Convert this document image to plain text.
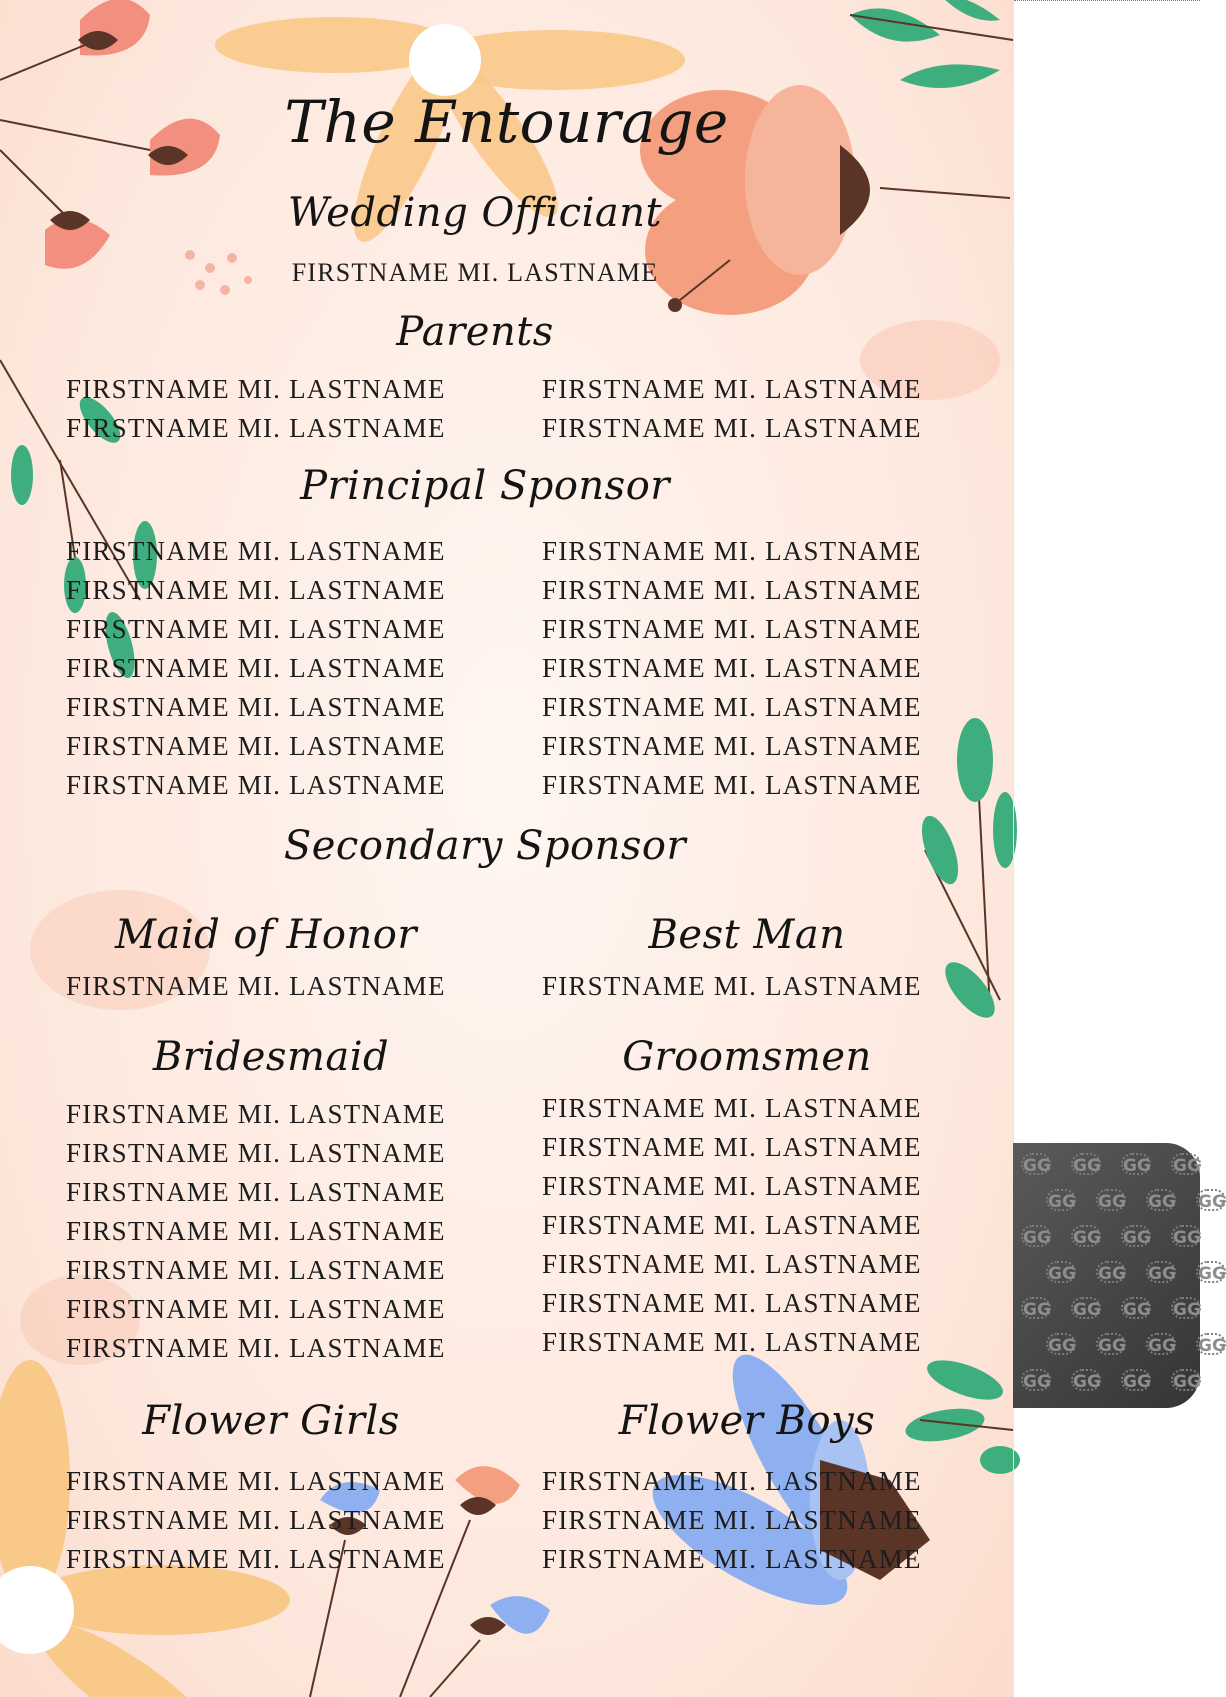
The Entourage
Wedding Officiant
FIRSTNAME MI. LASTNAME
Parents
FIRSTNAME MI. LASTNAME
FIRSTNAME MI. LASTNAME
FIRSTNAME MI. LASTNAME
FIRSTNAME MI. LASTNAME
Principal Sponsor
FIRSTNAME MI. LASTNAME
FIRSTNAME MI. LASTNAME
FIRSTNAME MI. LASTNAME
FIRSTNAME MI. LASTNAME
FIRSTNAME MI. LASTNAME
FIRSTNAME MI. LASTNAME
FIRSTNAME MI. LASTNAME
FIRSTNAME MI. LASTNAME
FIRSTNAME MI. LASTNAME
FIRSTNAME MI. LASTNAME
FIRSTNAME MI. LASTNAME
FIRSTNAME MI. LASTNAME
FIRSTNAME MI. LASTNAME
FIRSTNAME MI. LASTNAME
Secondary Sponsor
Maid of Honor
FIRSTNAME MI. LASTNAME
Best Man
FIRSTNAME MI. LASTNAME
Bridesmaid
FIRSTNAME MI. LASTNAME
FIRSTNAME MI. LASTNAME
FIRSTNAME MI. LASTNAME
FIRSTNAME MI. LASTNAME
FIRSTNAME MI. LASTNAME
FIRSTNAME MI. LASTNAME
FIRSTNAME MI. LASTNAME
Groomsmen
FIRSTNAME MI. LASTNAME
FIRSTNAME MI. LASTNAME
FIRSTNAME MI. LASTNAME
FIRSTNAME MI. LASTNAME
FIRSTNAME MI. LASTNAME
FIRSTNAME MI. LASTNAME
FIRSTNAME MI. LASTNAME
Flower Girls
FIRSTNAME MI. LASTNAME
FIRSTNAME MI. LASTNAME
FIRSTNAME MI. LASTNAME
Flower Boys
FIRSTNAME MI. LASTNAME
FIRSTNAME MI. LASTNAME
FIRSTNAME MI. LASTNAME
GG GG GG GG
GG GG GG GG
GG GG GG GG
GG GG GG GG
GG GG GG GG
GG GG GG GG
GG GG GG GG
